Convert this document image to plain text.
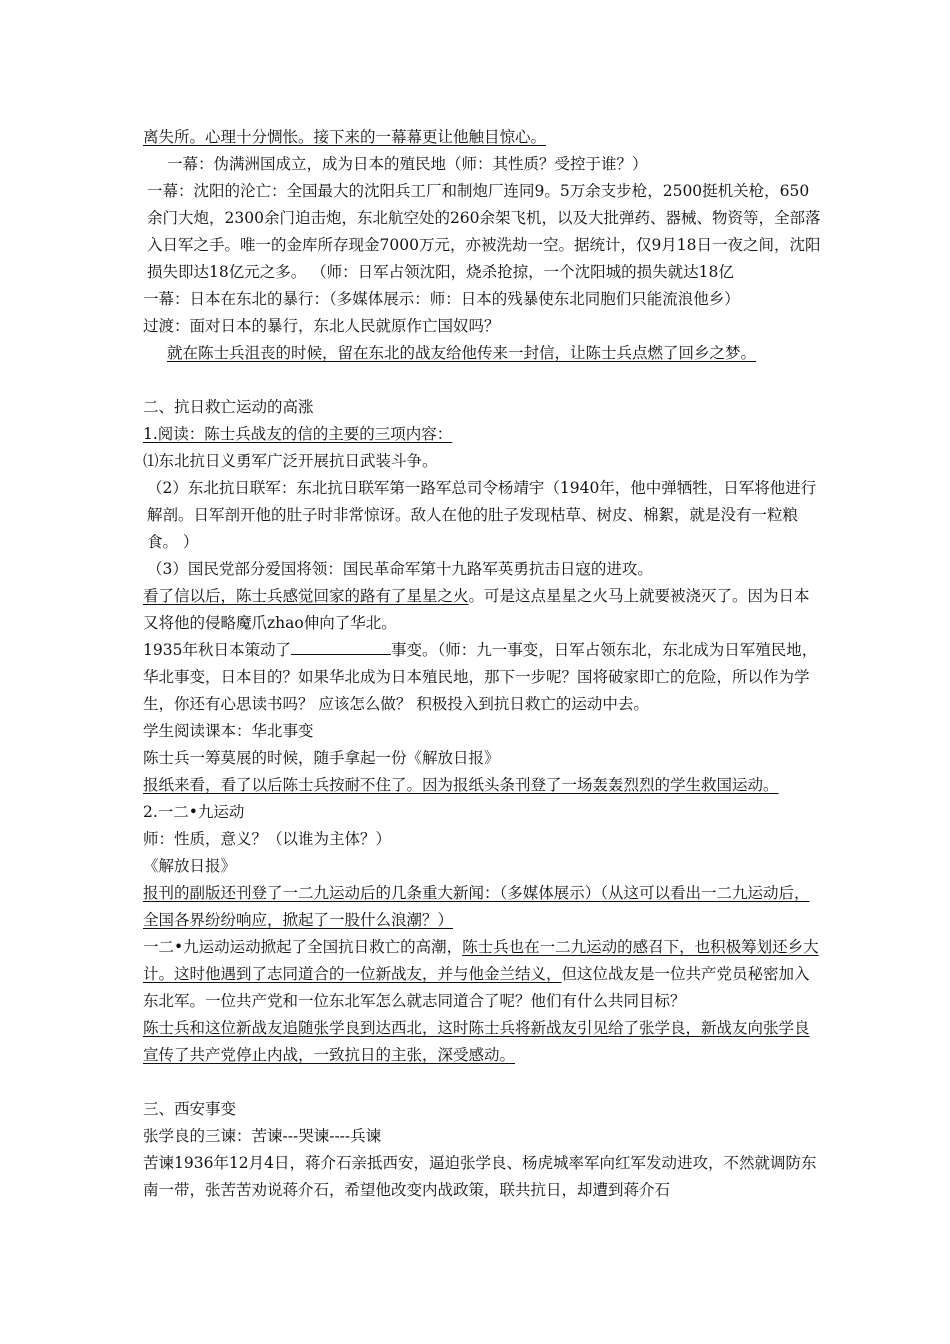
离失所。心理十分惆怅。接下来的一幕幕更让他触目惊心。
一幕：伪满洲国成立，成为日本的殖民地（师：其性质？受控于谁？）
一幕：沈阳的沦亡：全国最大的沈阳兵工厂和制炮厂连同9。5万余支步枪，2500挺机关枪，650余门大炮，2300余门迫击炮，东北航空处的260余架飞机，以及大批弹药、器械、物资等，全部落入日军之手。唯一的金库所存现金7000万元，亦被洗劫一空。据统计，仅9月18日一夜之间，沈阳损失即达18亿元之多。 （师：日军占领沈阳，烧杀抢掠，一个沈阳城的损失就达18亿
一幕：日本在东北的暴行：（多媒体展示：师：日本的残暴使东北同胞们只能流浪他乡）
过渡：面对日本的暴行，东北人民就原作亡国奴吗？
就在陈士兵沮丧的时候，留在东北的战友给他传来一封信，让陈士兵点燃了回乡之梦。
二、抗日救亡运动的高涨
1.阅读：陈士兵战友的信的主要的三项内容：
⑴东北抗日义勇军广泛开展抗日武装斗争。
（2）东北抗日联军：东北抗日联军第一路军总司令杨靖宇（1940年，他中弹牺牲，日军将他进行解剖。日军剖开他的肚子时非常惊讶。敌人在他的肚子发现枯草、树皮、棉絮，就是没有一粒粮食。 ）
（3）国民党部分爱国将领：国民革命军第十九路军英勇抗击日寇的进攻。
看了信以后，陈士兵感觉回家的路有了星星之火。可是这点星星之火马上就要被浇灭了。因为日本又将他的侵略魔爪zhao伸向了华北。
1935年秋日本策动了	事变。（师：九一事变，日军占领东北，东北成为日军殖民地，华北事变，日本目的？如果华北成为日本殖民地，那下一步呢？国将破家即亡的危险，所以作为学生，你还有心思读书吗？ 应该怎么做？ 积极投入到抗日救亡的运动中去。
学生阅读课本：华北事变
陈士兵一筹莫展的时候，随手拿起一份《解放日报》
报纸来看，看了以后陈士兵按耐不住了。因为报纸头条刊登了一场轰轰烈烈的学生救国运动。
2.一二•九运动
师：性质，意义？（以谁为主体？）
《解放日报》
报刊的副版还刊登了一二九运动后的几条重大新闻：（多媒体展示）（从这可以看出一二九运动后，全国各界纷纷响应，掀起了一股什么浪潮？）
一二•九运动运动掀起了全国抗日救亡的高潮，陈士兵也在一二九运动的感召下，也积极筹划还乡大计。这时他遇到了志同道合的一位新战友，并与他金兰结义，但这位战友是一位共产党员秘密加入东北军。一位共产党和一位东北军怎么就志同道合了呢？他们有什么共同目标？
陈士兵和这位新战友追随张学良到达西北，这时陈士兵将新战友引见给了张学良，新战友向张学良宣传了共产党停止内战，一致抗日的主张，深受感动。
三、西安事变
张学良的三谏：苦谏---哭谏----兵谏
苦谏1936年12月4日，蒋介石亲抵西安，逼迫张学良、杨虎城率军向红军发动进攻，不然就调防东南一带，张苦苦劝说蒋介石，希望他改变内战政策，联共抗日，却遭到蒋介石
